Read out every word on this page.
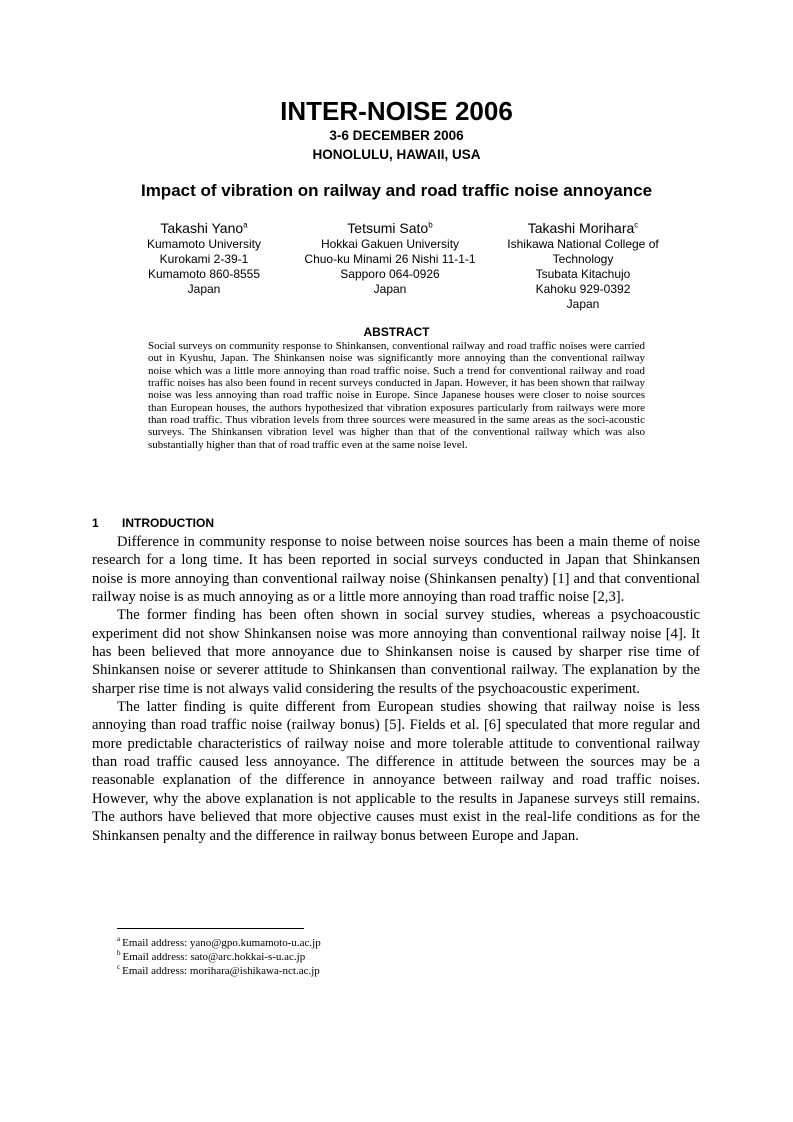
INTER-NOISE 2006
3-6 DECEMBER 2006
HONOLULU, HAWAII, USA
Impact of vibration on railway and road traffic noise annoyance
Takashi Yano$^a$
Kumamoto University
Kurokami 2-39-1
Kumamoto 860-8555
Japan
Tetsumi Sato$^b$
Hokkai Gakuen University
Chuo-ku Minami 26 Nishi 11-1-1
Sapporo 064-0926
Japan
Takashi Morihara$^c$
Ishikawa National College of
Technology
Tsubata Kitachujo
Kahoku 929-0392
Japan
ABSTRACT

Social surveys on community response to Shinkansen, conventional railway and road traffic noises were carried out in Kyushu, Japan. The Shinkansen noise was significantly more annoying than the conventional railway noise which was a little more annoying than road traffic noise. Such a trend for conventional railway and road traffic noises has also been found in recent surveys conducted in Japan. However, it has been shown that railway noise was less annoying than road traffic noise in Europe. Since Japanese houses were closer to noise sources than European houses, the authors hypothesized that vibration exposures particularly from railways were more than road traffic. Thus vibration levels from three sources were measured in the same areas as the soci-acoustic surveys. The Shinkansen vibration level was higher than that of the conventional railway which was also substantially higher than that of road traffic even at the same noise level.

1 INTRODUCTION

Difference in community response to noise between noise sources has been a main theme of noise research for a long time. It has been reported in social surveys conducted in Japan that Shinkansen noise is more annoying than conventional railway noise (Shinkansen penalty) [1] and that conventional railway noise is as much annoying as or a little more annoying than road traffic noise [2,3].

The former finding has been often shown in social survey studies, whereas a psychoacoustic experiment did not show Shinkansen noise was more annoying than conventional railway noise [4]. It has been believed that more annoyance due to Shinkansen noise is caused by sharper rise time of Shinkansen noise or severer attitude to Shinkansen than conventional railway. The explanation by the sharper rise time is not always valid considering the results of the psychoacoustic experiment.

The latter finding is quite different from European studies showing that railway noise is less annoying than road traffic noise (railway bonus) [5]. Fields et al. [6] speculated that more regular and more predictable characteristics of railway noise and more tolerable attitude to conventional railway than road traffic caused less annoyance. The difference in attitude between the sources may be a reasonable explanation of the difference in annoyance between railway and road traffic noises. However, why the above explanation is not applicable to the results in Japanese surveys still remains. The authors have believed that more objective causes must exist in the real-life conditions as for the Shinkansen penalty and the difference in railway bonus between Europe and Japan.

$^a$ Email address: yano@gpo.kumamoto-u.ac.jp
$^b$ Email address: sato@arc.hokkai-s-u.ac.jp
$^c$ Email address: morihara@ishikawa-nct.ac.jp
